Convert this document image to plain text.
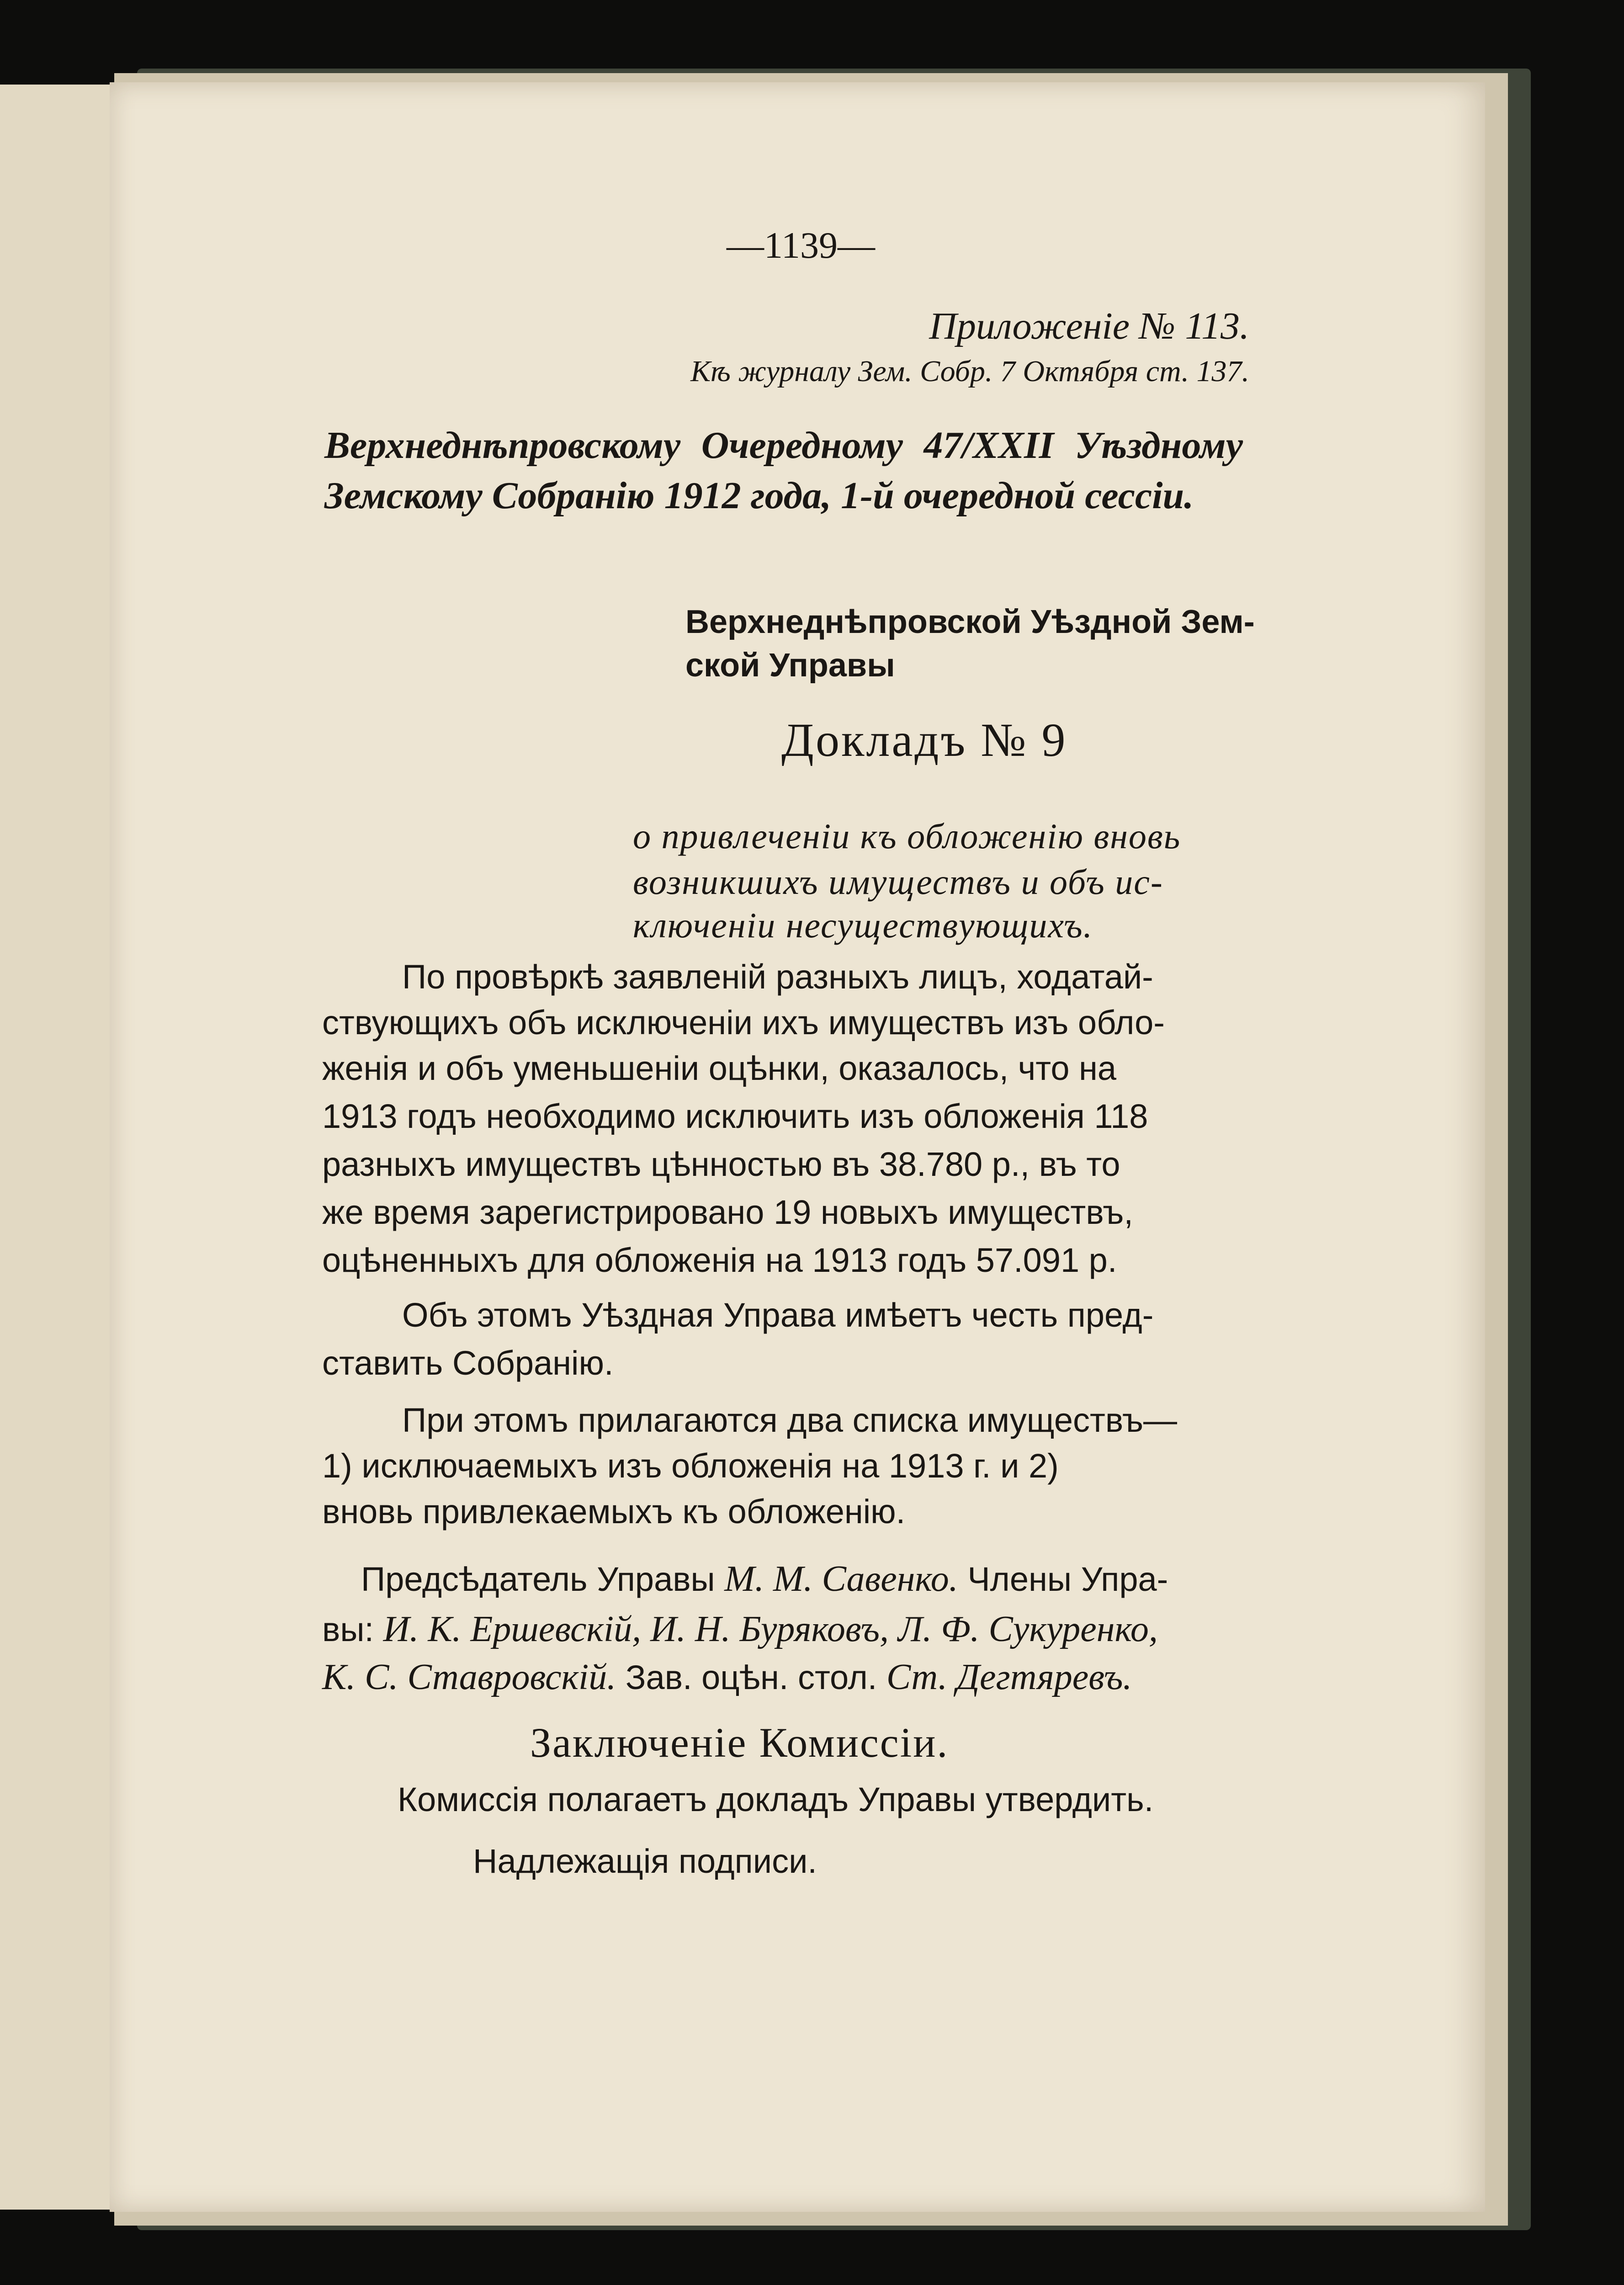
—1139—
Приложеніе № 113.
Кѣ журналу Зем. Собр. 7 Октября ст. 137.
Верхнеднѣпровскому Очередному 47/XXII Уѣздному Земскому Собранію 1912 года, 1-й очередной сессіи.
Верхнеднѣпровской Уѣздной Зем-
ской Управы
Докладъ № 9
о привлеченіи къ обложенію вновь
возникшихъ имуществъ и объ ис-
ключеніи несуществующихъ.
По провѣркѣ заявленій разныхъ лицъ, ходатай-
ствующихъ объ исключеніи ихъ имуществъ изъ обло-
женія и объ уменьшеніи оцѣнки, оказалось, что на
1913 годъ необходимо исключить изъ обложенія 118
разныхъ имуществъ цѣнностью въ 38.780 р., въ то
же время зарегистрировано 19 новыхъ имуществъ,
оцѣненныхъ для обложенія на 1913 годъ 57.091 р.
Объ этомъ Уѣздная Управа имѣетъ честь пред-
ставить Собранію.
При этомъ прилагаются два списка имуществъ—
1) исключаемыхъ изъ обложенія на 1913 г. и 2)
вновь привлекаемыхъ къ обложенію.
Предсѣдатель Управы М. М. Савенко. Члены Упра-
вы: И. К. Ершевскій, И. Н. Буряковъ, Л. Ф. Сукуренко,
К. С. Ставровскій. Зав. оцѣн. стол. Ст. Дегтяревъ.
Заключеніе Комиссіи.
Комиссія полагаетъ докладъ Управы утвердить.
Надлежащія подписи.
